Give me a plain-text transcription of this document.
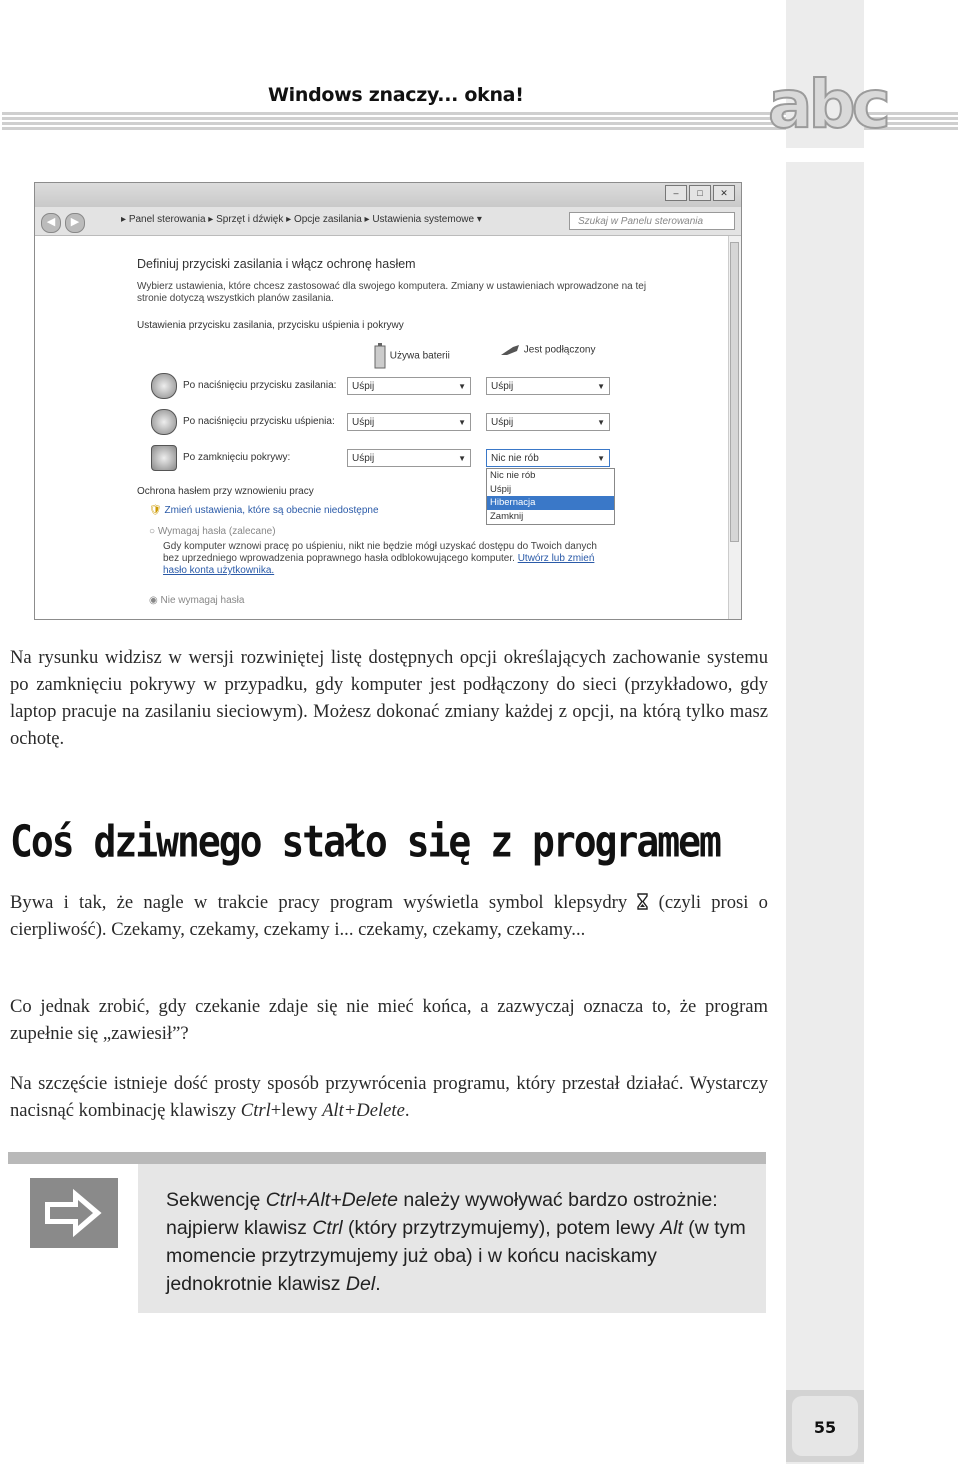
Windows znaczy... okna!	abc
–	□	✕
◀	▶	▸ Panel sterowania ▸ Sprzęt i dźwięk ▸ Opcje zasilania ▸ Ustawienia systemowe ▾	Szukaj w Panelu sterowania
Definiuj przyciski zasilania i włącz ochronę hasłem
Wybierz ustawienia, które chcesz zastosować dla swojego komputera. Zmiany w ustawieniach wprowadzone na tej stronie dotyczą wszystkich planów zasilania.
Ustawienia przycisku zasilania, przycisku uśpienia i pokrywy
Używa baterii
Jest podłączony
Po naciśnięciu przycisku zasilania:	Uśpij	▼	Uśpij	▼
Po naciśnięciu przycisku uśpienia:	Uśpij	▼	Uśpij	▼
Po zamknięciu pokrywy:	Uśpij	▼	Nic nie rób	▼
Nic nie rób
Uśpij
Hibernacja
Zamknij
Ochrona hasłem przy wznowieniu pracy
🛡 Zmień ustawienia, które są obecnie niedostępne
○ Wymagaj hasła (zalecane)
Gdy komputer wznowi pracę po uśpieniu, nikt nie będzie mógł uzyskać dostępu do Twoich danych bez uprzedniego wprowadzenia poprawnego hasła odblokowującego komputer. Utwórz lub zmień hasło konta użytkownika.
◉ Nie wymagaj hasła
Na rysunku widzisz w wersji rozwiniętej listę dostępnych opcji określających zachowanie systemu po zamknięciu pokrywy w przypadku, gdy komputer jest podłączony do sieci (przykładowo, gdy laptop pracuje na zasilaniu sieciowym). Możesz dokonać zmiany każdej z opcji, na którą tylko masz ochotę.
Coś dziwnego stało się z programem
Bywa i tak, że nagle w trakcie pracy program wyświetla symbol klepsydry (czyli prosi o cierpliwość). Czekamy, czekamy, czekamy i... czekamy, czekamy, czekamy...
Co jednak zrobić, gdy czekanie zdaje się nie mieć końca, a zazwyczaj oznacza to, że program zupełnie się „zawiesił”?
Na szczęście istnieje dość prosty sposób przywrócenia programu, który przestał działać. Wystarczy nacisnąć kombinację klawiszy Ctrl+lewy Alt+Delete.
Sekwencję Ctrl+Alt+Delete należy wywoływać bardzo ostrożnie: najpierw klawisz Ctrl (który przytrzymujemy), potem lewy Alt (w tym momencie przytrzymujemy już oba) i w końcu naciskamy jednokrotnie klawisz Del.
55
